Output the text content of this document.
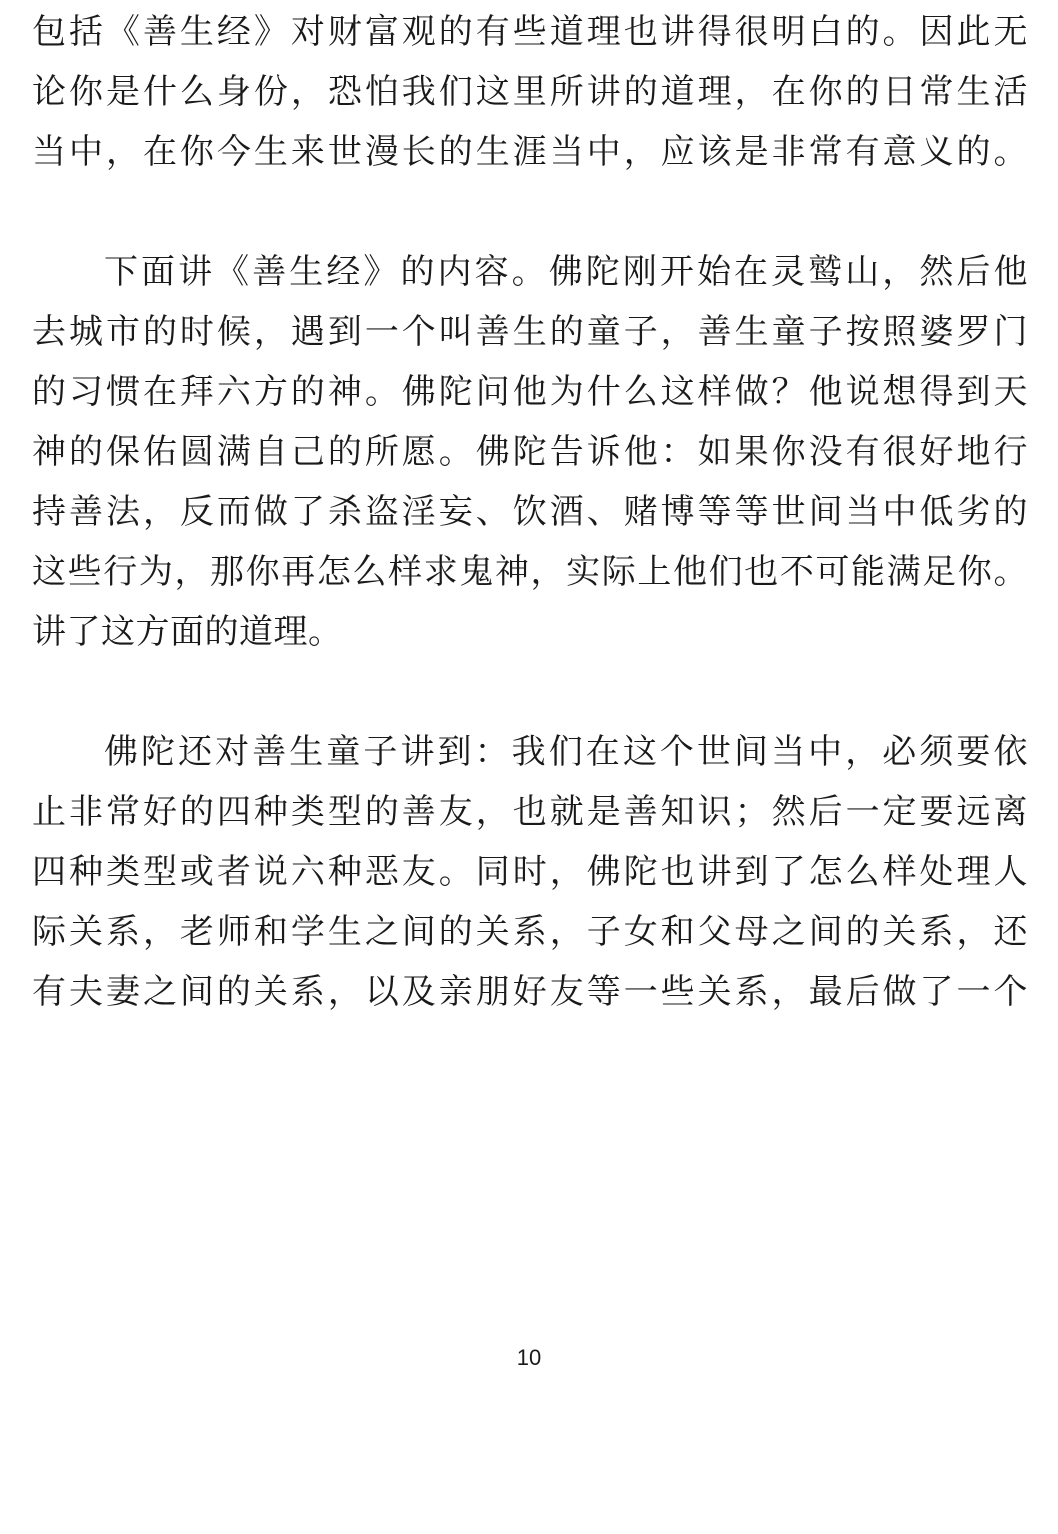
包括《善生经》对财富观的有些道理也讲得很明白的。因此无
论你是什么身份，恐怕我们这里所讲的道理，在你的日常生活
当中，在你今生来世漫长的生涯当中，应该是非常有意义的。
下面讲《善生经》的内容。佛陀刚开始在灵鹫山，然后他
去城市的时候，遇到一个叫善生的童子，善生童子按照婆罗门
的习惯在拜六方的神。佛陀问他为什么这样做？他说想得到天
神的保佑圆满自己的所愿。佛陀告诉他：如果你没有很好地行
持善法，反而做了杀盗淫妄、饮酒、赌博等等世间当中低劣的
这些行为，那你再怎么样求鬼神，实际上他们也不可能满足你。
讲了这方面的道理。
佛陀还对善生童子讲到：我们在这个世间当中，必须要依
止非常好的四种类型的善友，也就是善知识；然后一定要远离
四种类型或者说六种恶友。同时，佛陀也讲到了怎么样处理人
际关系，老师和学生之间的关系，子女和父母之间的关系，还
有夫妻之间的关系，以及亲朋好友等一些关系，最后做了一个
10
